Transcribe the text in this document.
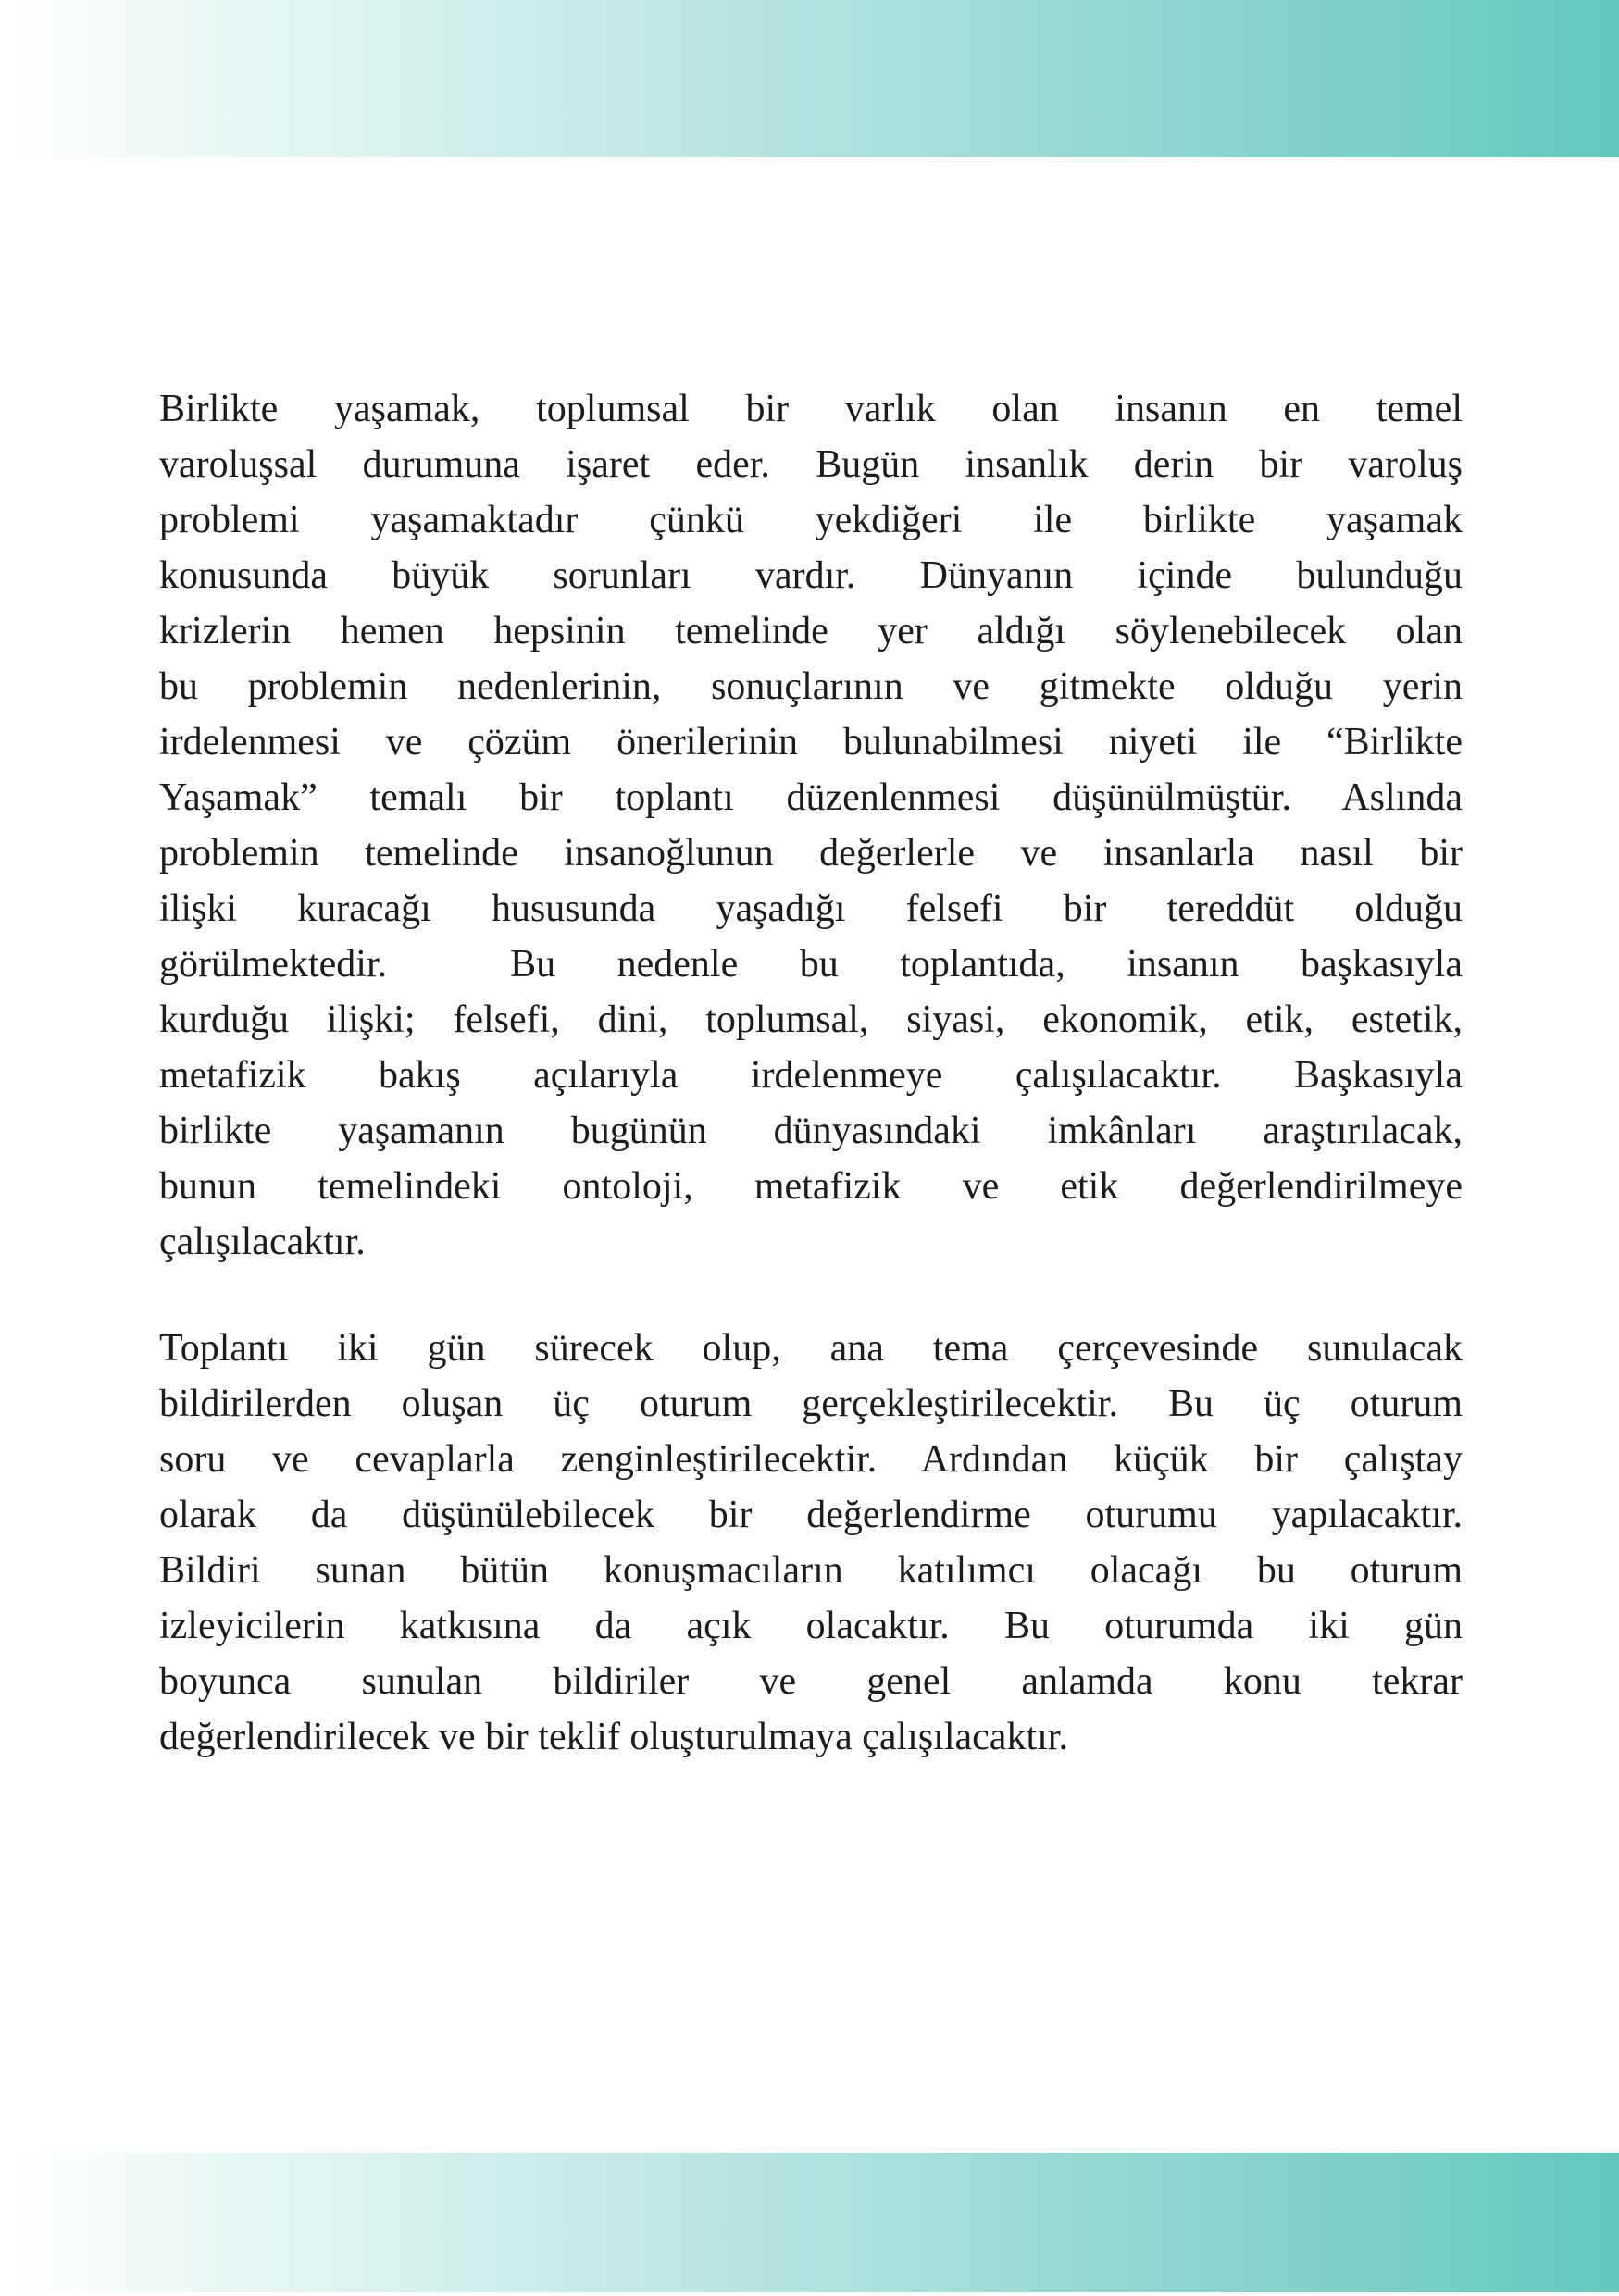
Birlikte yaşamak, toplumsal bir varlık olan insanın en temel
varoluşsal durumuna işaret eder. Bugün insanlık derin bir varoluş
problemi yaşamaktadır çünkü yekdiğeri ile birlikte yaşamak
konusunda büyük sorunları vardır. Dünyanın içinde bulunduğu
krizlerin hemen hepsinin temelinde yer aldığı söylenebilecek olan
bu problemin nedenlerinin, sonuçlarının ve gitmekte olduğu yerin
irdelenmesi ve çözüm önerilerinin bulunabilmesi niyeti ile “Birlikte
Yaşamak” temalı bir toplantı düzenlenmesi düşünülmüştür. Aslında
problemin temelinde insanoğlunun değerlerle ve insanlarla nasıl bir
ilişki kuracağı hususunda yaşadığı felsefi bir tereddüt olduğu
görülmektedir.  Bu nedenle bu toplantıda, insanın başkasıyla
kurduğu ilişki; felsefi, dini, toplumsal, siyasi, ekonomik, etik, estetik,
metafizik bakış açılarıyla irdelenmeye çalışılacaktır. Başkasıyla
birlikte yaşamanın bugünün dünyasındaki imkânları araştırılacak,
bunun temelindeki ontoloji, metafizik ve etik değerlendirilmeye
çalışılacaktır.
Toplantı iki gün sürecek olup, ana tema çerçevesinde sunulacak
bildirilerden oluşan üç oturum gerçekleştirilecektir. Bu üç oturum
soru ve cevaplarla zenginleştirilecektir. Ardından küçük bir çalıştay
olarak da düşünülebilecek bir değerlendirme oturumu yapılacaktır.
Bildiri sunan bütün konuşmacıların katılımcı olacağı bu oturum
izleyicilerin katkısına da açık olacaktır. Bu oturumda iki gün
boyunca sunulan bildiriler ve genel anlamda konu tekrar
değerlendirilecek ve bir teklif oluşturulmaya çalışılacaktır.
